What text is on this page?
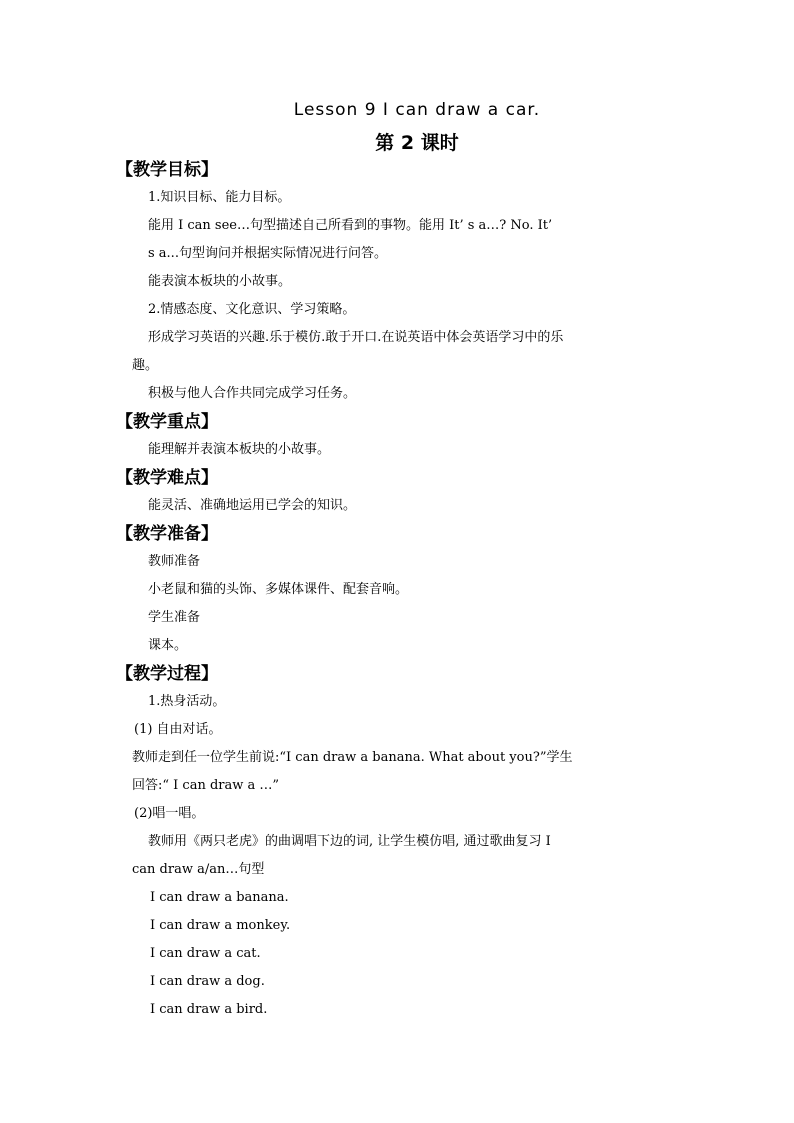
Lesson 9 I can draw a car.
第 2 课时
【教学目标】
1.知识目标、能力目标。
能用 I can see…句型描述自己所看到的事物。能用 It’ s a…? No. It’
s a...句型询问并根据实际情况进行问答。
能表演本板块的小故事。
2.情感态度、文化意识、学习策略。
形成学习英语的兴趣.乐于模仿.敢于开口.在说英语中体会英语学习中的乐
趣。
积极与他人合作共同完成学习任务。
【教学重点】
能理解并表演本板块的小故事。
【教学难点】
能灵活、准确地运用已学会的知识。
【教学准备】
教师准备
小老鼠和猫的头饰、多媒体课件、配套音响。
学生准备
课本。
【教学过程】
1.热身活动。
(1) 自由对话。
教师走到任一位学生前说:“I can draw a banana. What about you?”学生
回答:“ I can draw a …”
(2)唱一唱。
教师用《两只老虎》的曲调唱下边的词, 让学生模仿唱, 通过歌曲复习 I
can draw a/an…句型
I can draw a banana.
I can draw a monkey.
I can draw a cat.
I can draw a dog.
I can draw a bird.
